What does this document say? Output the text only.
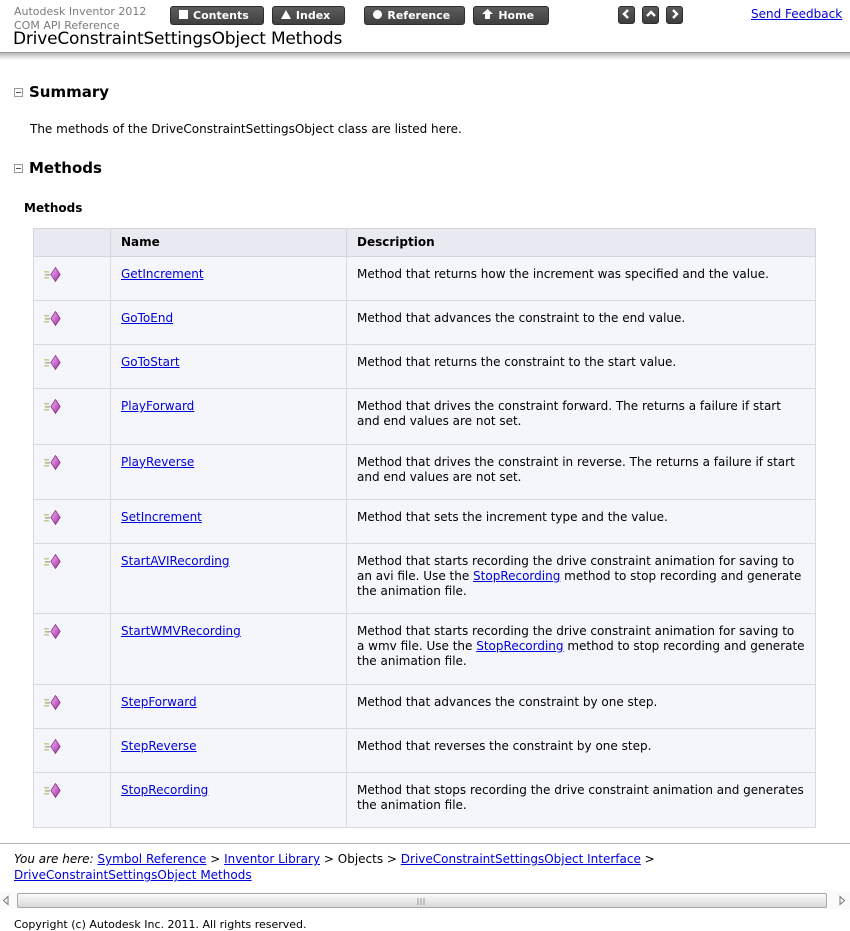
Autodesk Inventor 2012
COM API Reference
Contents
	Index
	Reference
	Home

	Send Feedback
DriveConstraintSettingsObject Methods
Summary
The methods of the DriveConstraintSettingsObject class are listed here.
Methods
Methods
	Name	Description
	GetIncrement	Method that returns how the increment was specified and the value.
	GoToEnd	Method that advances the constraint to the end value.
	GoToStart	Method that returns the constraint to the start value.
	PlayForward	Method that drives the constraint forward. The returns a failure if start and end values are not set.
	PlayReverse	Method that drives the constraint in reverse. The returns a failure if start and end values are not set.
	SetIncrement	Method that sets the increment type and the value.
	StartAVIRecording	Method that starts recording the drive constraint animation for saving to an avi file. Use the StopRecording method to stop recording and generate the animation file.
	StartWMVRecording	Method that starts recording the drive constraint animation for saving to a wmv file. Use the StopRecording method to stop recording and generate the animation file.
	StepForward	Method that advances the constraint by one step.
	StepReverse	Method that reverses the constraint by one step.
	StopRecording	Method that stops recording the drive constraint animation and generates the animation file.
You are here: Symbol Reference > Inventor Library > Objects > DriveConstraintSettingsObject Interface > DriveConstraintSettingsObject Methods
Copyright (c) Autodesk Inc. 2011. All rights reserved.
